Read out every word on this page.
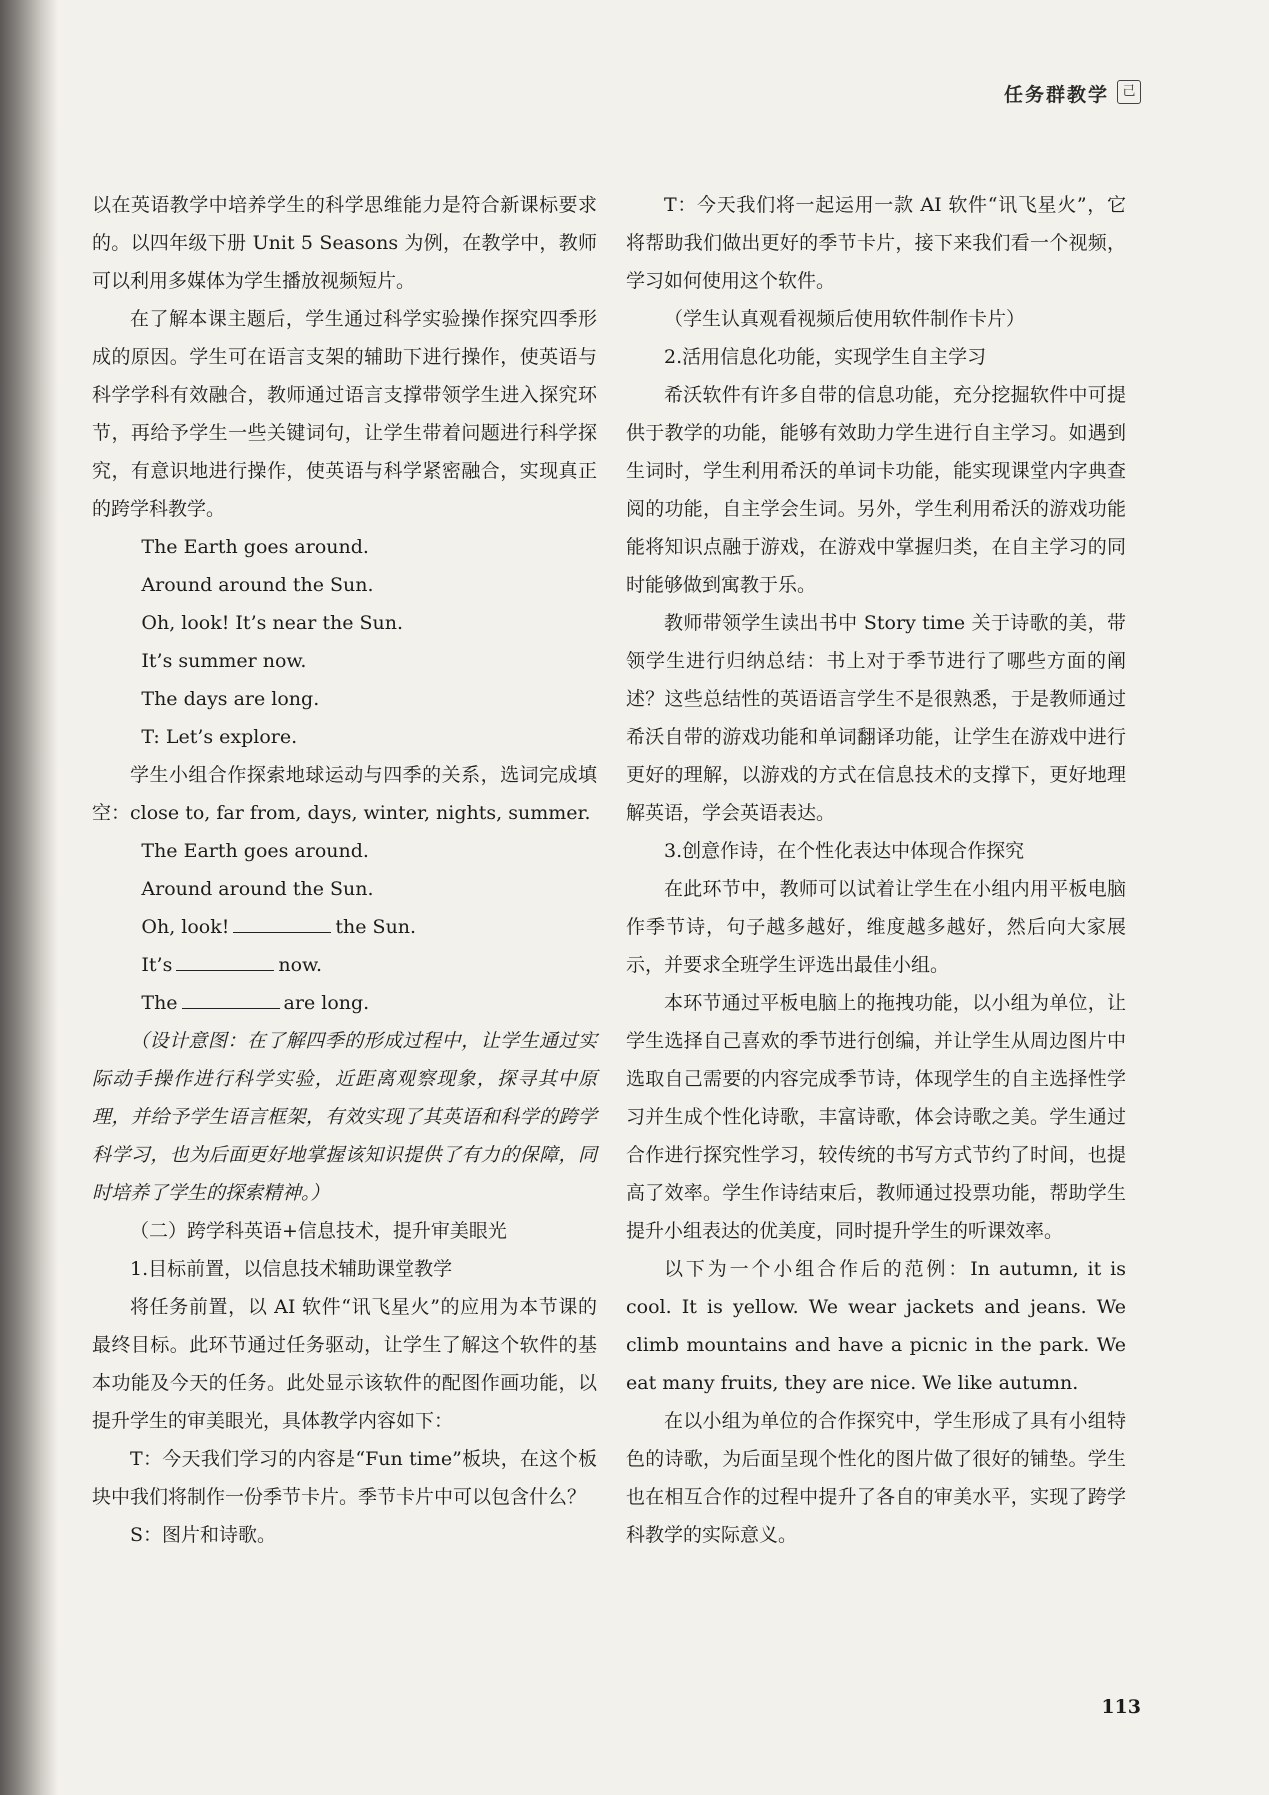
任务群教学	己

以在英语教学中培养学生的科学思维能力是符合新课标要求的。以四年级下册 Unit 5 Seasons 为例，在教学中，教师可以利用多媒体为学生播放视频短片。

在了解本课主题后，学生通过科学实验操作探究四季形成的原因。学生可在语言支架的辅助下进行操作，使英语与科学学科有效融合，教师通过语言支撑带领学生进入探究环节，再给予学生一些关键词句，让学生带着问题进行科学探究，有意识地进行操作，使英语与科学紧密融合，实现真正的跨学科教学。

The Earth goes around.

Around around the Sun.

Oh, look! It’s near the Sun.

It’s summer now.

The days are long.

T: Let’s explore.

学生小组合作探索地球运动与四季的关系，选词完成填空：close to, far from, days, winter, nights, summer.

The Earth goes around.

Around around the Sun.

Oh, look!	the Sun.

It’s	now.

The	are long.

（设计意图：在了解四季的形成过程中，让学生通过实际动手操作进行科学实验，近距离观察现象，探寻其中原理，并给予学生语言框架，有效实现了其英语和科学的跨学科学习，也为后面更好地掌握该知识提供了有力的保障，同时培养了学生的探索精神。）

（二）跨学科英语+信息技术，提升审美眼光

1.目标前置，以信息技术辅助课堂教学

将任务前置，以 AI 软件“讯飞星火”的应用为本节课的最终目标。此环节通过任务驱动，让学生了解这个软件的基本功能及今天的任务。此处显示该软件的配图作画功能，以提升学生的审美眼光，具体教学内容如下：

T：今天我们学习的内容是“Fun time”板块，在这个板块中我们将制作一份季节卡片。季节卡片中可以包含什么？

S：图片和诗歌。

T：今天我们将一起运用一款 AI 软件“讯飞星火”，它将帮助我们做出更好的季节卡片，接下来我们看一个视频，学习如何使用这个软件。

（学生认真观看视频后使用软件制作卡片）

2.活用信息化功能，实现学生自主学习

希沃软件有许多自带的信息功能，充分挖掘软件中可提供于教学的功能，能够有效助力学生进行自主学习。如遇到生词时，学生利用希沃的单词卡功能，能实现课堂内字典查阅的功能，自主学会生词。另外，学生利用希沃的游戏功能能将知识点融于游戏，在游戏中掌握归类，在自主学习的同时能够做到寓教于乐。

教师带领学生读出书中 Story time 关于诗歌的美，带领学生进行归纳总结：书上对于季节进行了哪些方面的阐述？这些总结性的英语语言学生不是很熟悉，于是教师通过希沃自带的游戏功能和单词翻译功能，让学生在游戏中进行更好的理解，以游戏的方式在信息技术的支撑下，更好地理解英语，学会英语表达。

3.创意作诗，在个性化表达中体现合作探究

在此环节中，教师可以试着让学生在小组内用平板电脑作季节诗，句子越多越好，维度越多越好，然后向大家展示，并要求全班学生评选出最佳小组。

本环节通过平板电脑上的拖拽功能，以小组为单位，让学生选择自己喜欢的季节进行创编，并让学生从周边图片中选取自己需要的内容完成季节诗，体现学生的自主选择性学习并生成个性化诗歌，丰富诗歌，体会诗歌之美。学生通过合作进行探究性学习，较传统的书写方式节约了时间，也提高了效率。学生作诗结束后，教师通过投票功能，帮助学生提升小组表达的优美度，同时提升学生的听课效率。

以下为一个小组合作后的范例：In autumn, it is cool. It is yellow. We wear jackets and jeans. We climb mountains and have a picnic in the park. We eat many fruits, they are nice. We like autumn.

在以小组为单位的合作探究中，学生形成了具有小组特色的诗歌，为后面呈现个性化的图片做了很好的铺垫。学生也在相互合作的过程中提升了各自的审美水平，实现了跨学科教学的实际意义。

113
